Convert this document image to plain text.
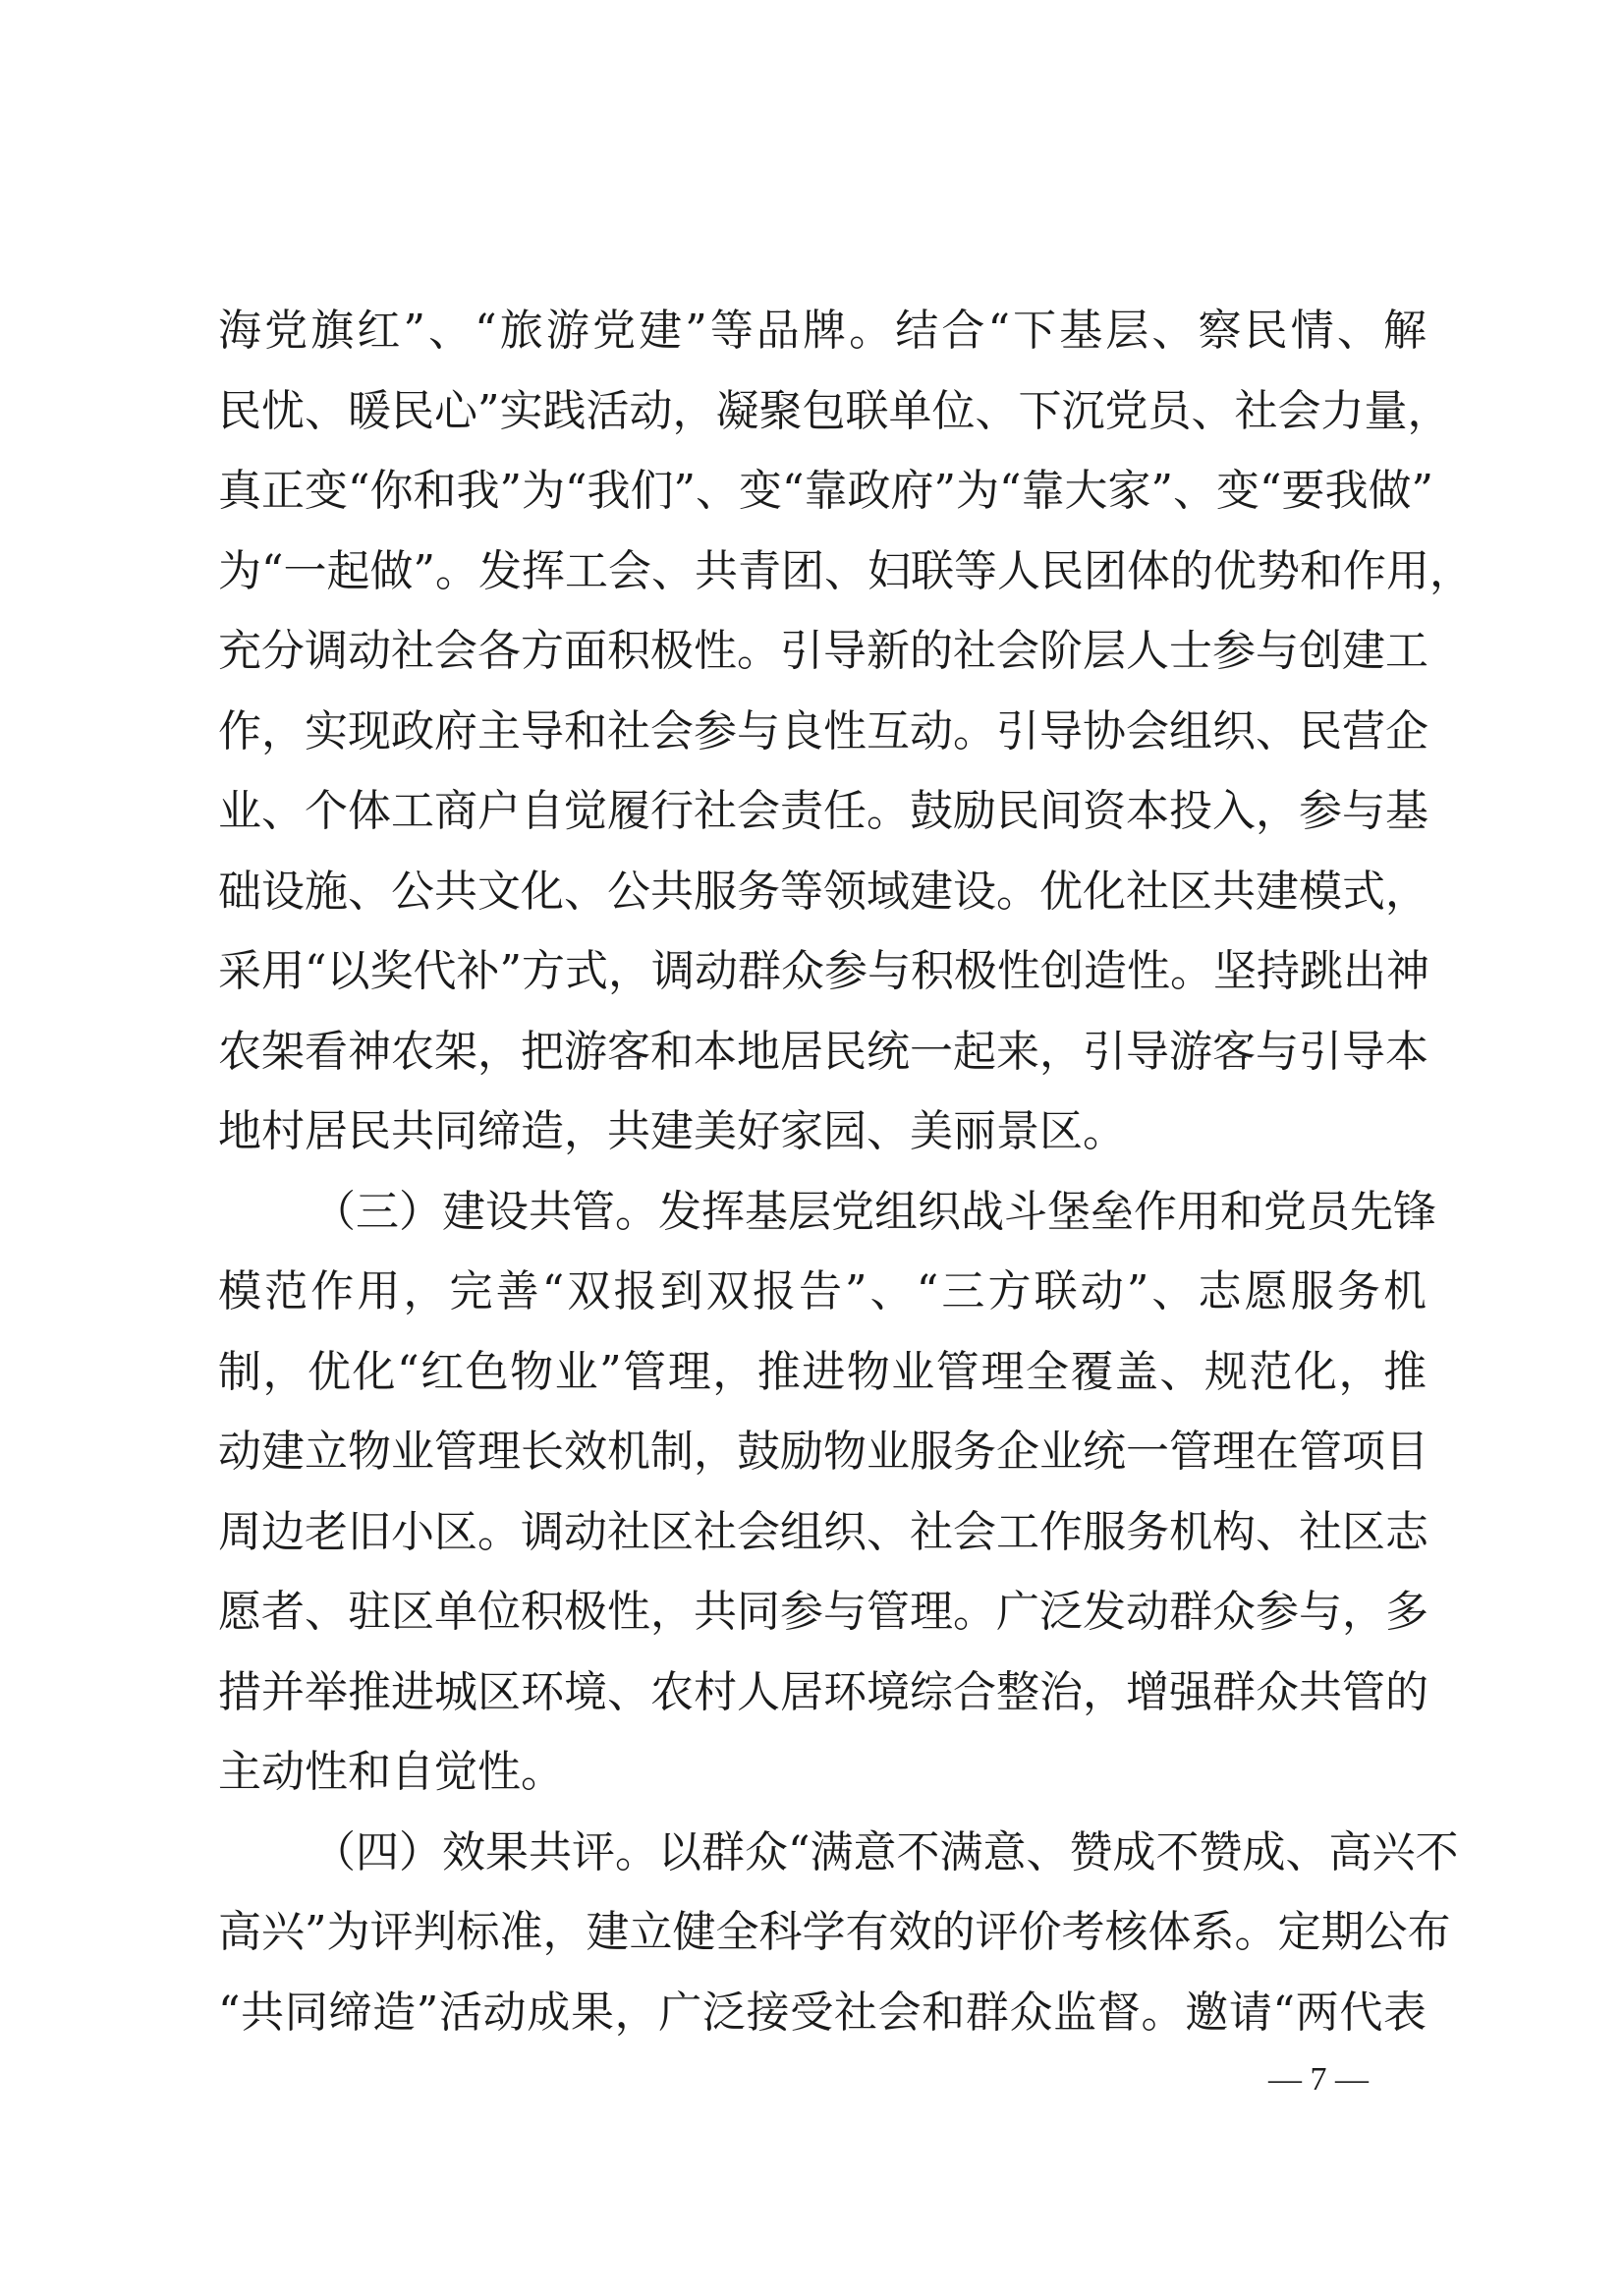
海党旗红”、“旅游党建”等品牌。结合“下基层、察民情、解
民忧、暖民心”实践活动，凝聚包联单位、下沉党员、社会力量，
真正变“你和我”为“我们”、变“靠政府”为“靠大家”、变“要我做”
为“一起做”。发挥工会、共青团、妇联等人民团体的优势和作用，
充分调动社会各方面积极性。引导新的社会阶层人士参与创建工
作，实现政府主导和社会参与良性互动。引导协会组织、民营企
业、个体工商户自觉履行社会责任。鼓励民间资本投入，参与基
础设施、公共文化、公共服务等领域建设。优化社区共建模式，
采用“以奖代补”方式，调动群众参与积极性创造性。坚持跳出神
农架看神农架，把游客和本地居民统一起来，引导游客与引导本
地村居民共同缔造，共建美好家园、美丽景区。
（三）建设共管。发挥基层党组织战斗堡垒作用和党员先锋
模范作用，完善“双报到双报告”、“三方联动”、志愿服务机
制，优化“红色物业”管理，推进物业管理全覆盖、规范化，推
动建立物业管理长效机制，鼓励物业服务企业统一管理在管项目
周边老旧小区。调动社区社会组织、社会工作服务机构、社区志
愿者、驻区单位积极性，共同参与管理。广泛发动群众参与，多
措并举推进城区环境、农村人居环境综合整治，增强群众共管的
主动性和自觉性。
（四）效果共评。以群众“满意不满意、赞成不赞成、高兴不
高兴”为评判标准，建立健全科学有效的评价考核体系。定期公布
“共同缔造”活动成果，广泛接受社会和群众监督。邀请“两代表
— 7 —
